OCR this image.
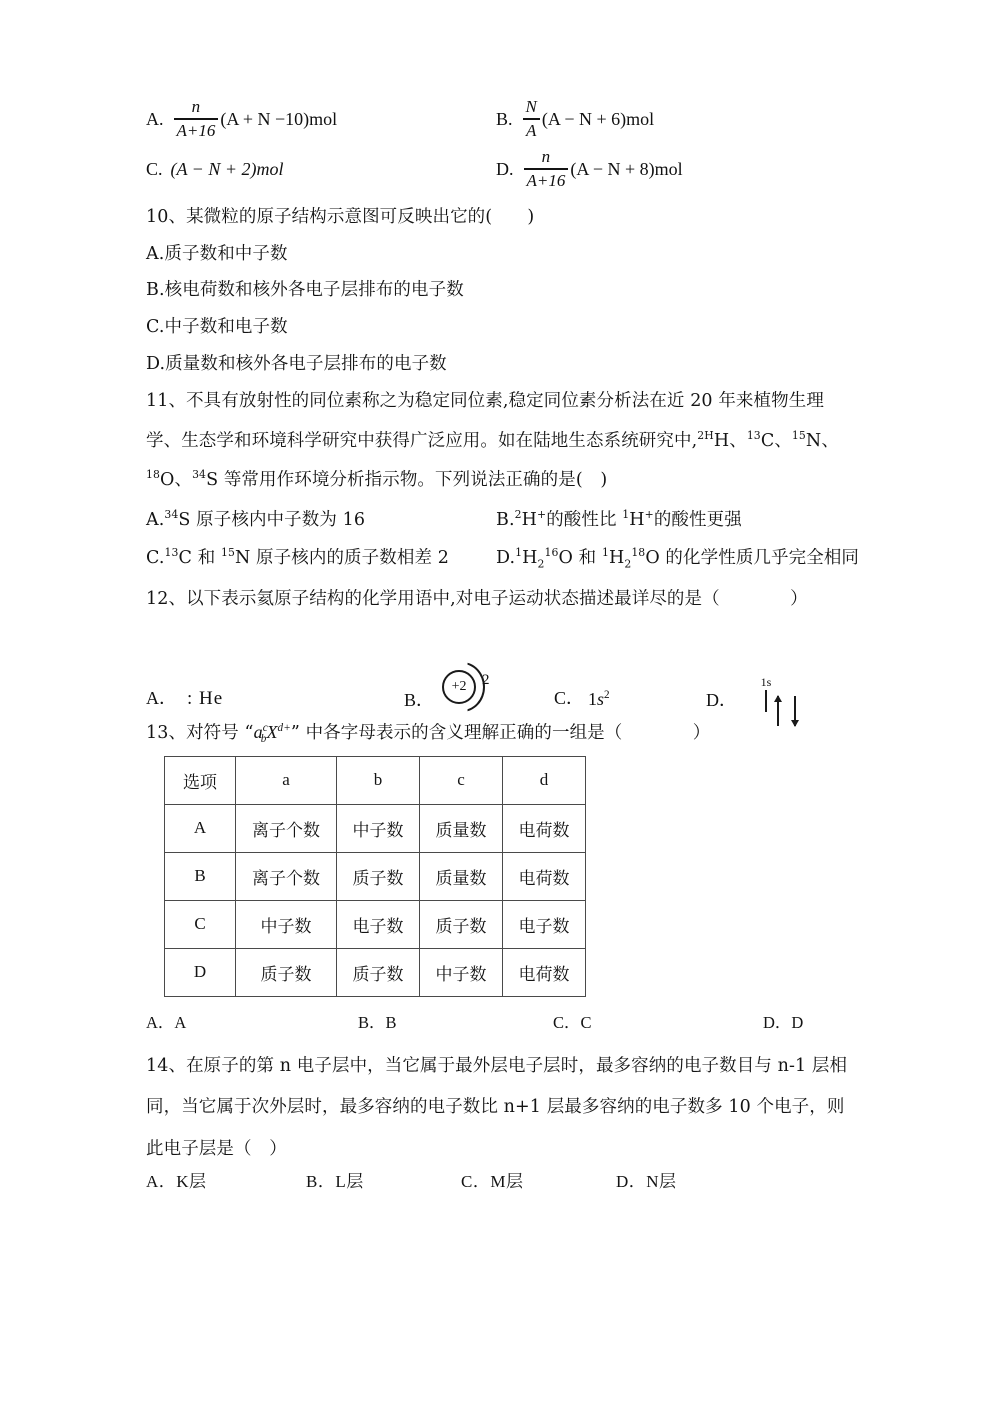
A. $\frac{n}{A+16} (A + N -10)mol$	B. $\frac{N}{A} (A - N + 6)mol$
C. (A − N + 2)mol	D. $\frac{n}{A+16} (A - N + 8)mol$
10、某微粒的原子结构示意图可反映出它的(　　)
A.质子数和中子数
B.核电荷数和核外各电子层排布的电子数
C.中子数和电子数
D.质量数和核外各电子层排布的电子数
11、不具有放射性的同位素称之为稳定同位素,稳定同位素分析法在近 20 年来植物生理
学、生态学和环境科学研究中获得广泛应用。如在陆地生态系统研究中,$^{2H}$H、$^{13}$C、$^{15}$N、
$^{18}$O、$^{34}$S 等常用作环境分析指示物。下列说法正确的是(　)
A.$^{34}$S 原子核内中子数为 16	B.$^2$H+的酸性比 $^1$H+的酸性更强
C.$^{13}$C 和 $^{15}$N 原子核内的质子数相差 2	$D.^1H_2^{16}O$ 和 $^1H_2^{18}O$ 的化学性质几乎完全相同
12、以下表示氦原子结构的化学用语中,对电子运动状态描述最详尽的是（　　　　）
A． : He	B．
+2	2
C． $1s^2$	D．
1s
13、对符号 “$a^c_bX^{d+}$” 中各字母表示的含义理解正确的一组是（　　　　）
选项	a	b	c	d
A	离子个数	中子数	质量数	电荷数
B	离子个数	质子数	质量数	电荷数
C	中子数	电子数	质子数	电子数
D	质子数	质子数	中子数	电荷数
A．A	B．B	C．C	D．D
14、在原子的第 n 电子层中，当它属于最外层电子层时，最多容纳的电子数目与 n-1 层相
同，当它属于次外层时，最多容纳的电子数比 n+1 层最多容纳的电子数多 10 个电子，则
此电子层是（　）
A．K层	B．L层	C．M层	D．N层
